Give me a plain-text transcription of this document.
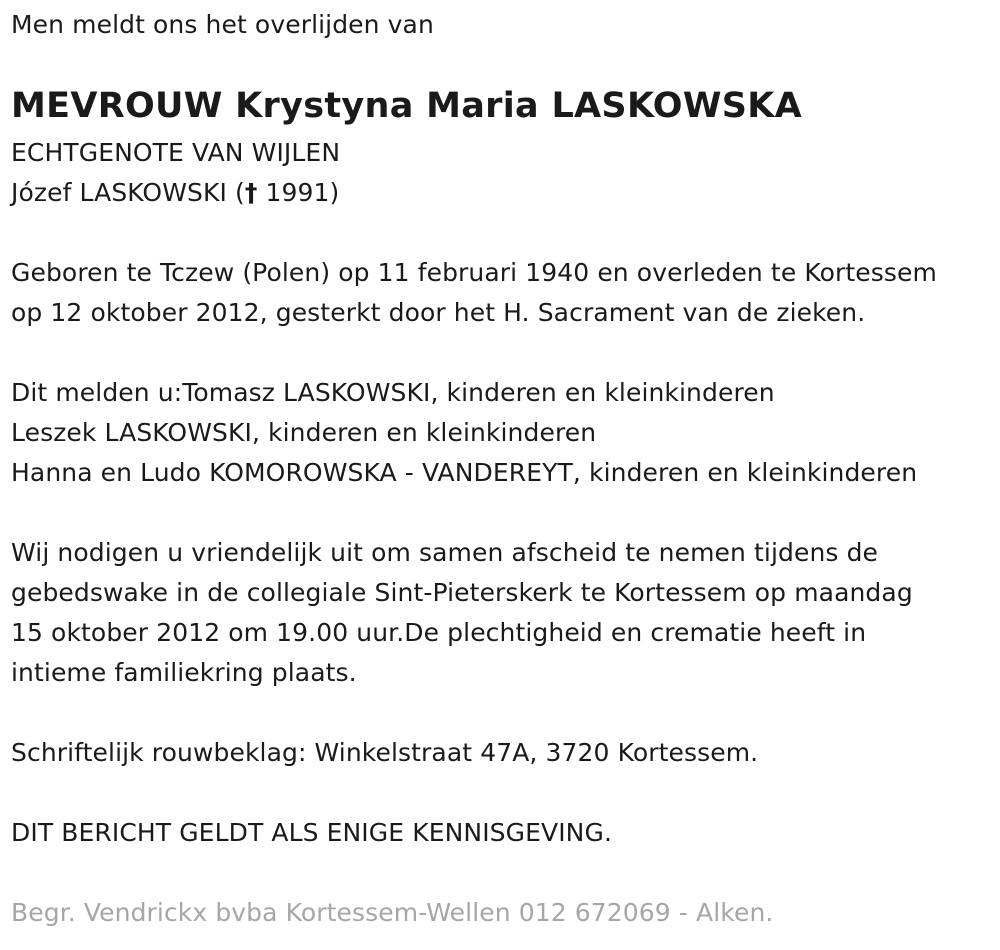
Men meldt ons het overlijden van
MEVROUW Krystyna Maria LASKOWSKA
ECHTGENOTE VAN WIJLEN
Józef LASKOWSKI († 1991)
Geboren te Tczew (Polen) op 11 februari 1940 en overleden te Kortessem
op 12 oktober 2012, gesterkt door het H. Sacrament van de zieken.
Dit melden u:Tomasz LASKOWSKI, kinderen en kleinkinderen
Leszek LASKOWSKI, kinderen en kleinkinderen
Hanna en Ludo KOMOROWSKA - VANDEREYT, kinderen en kleinkinderen
Wij nodigen u vriendelijk uit om samen afscheid te nemen tijdens de
gebedswake in de collegiale Sint-Pieterskerk te Kortessem op maandag
15 oktober 2012 om 19.00 uur.De plechtigheid en crematie heeft in
intieme familiekring plaats.
Schriftelijk rouwbeklag: Winkelstraat 47A, 3720 Kortessem.
DIT BERICHT GELDT ALS ENIGE KENNISGEVING.
Begr. Vendrickx bvba Kortessem-Wellen 012 672069 - Alken.
